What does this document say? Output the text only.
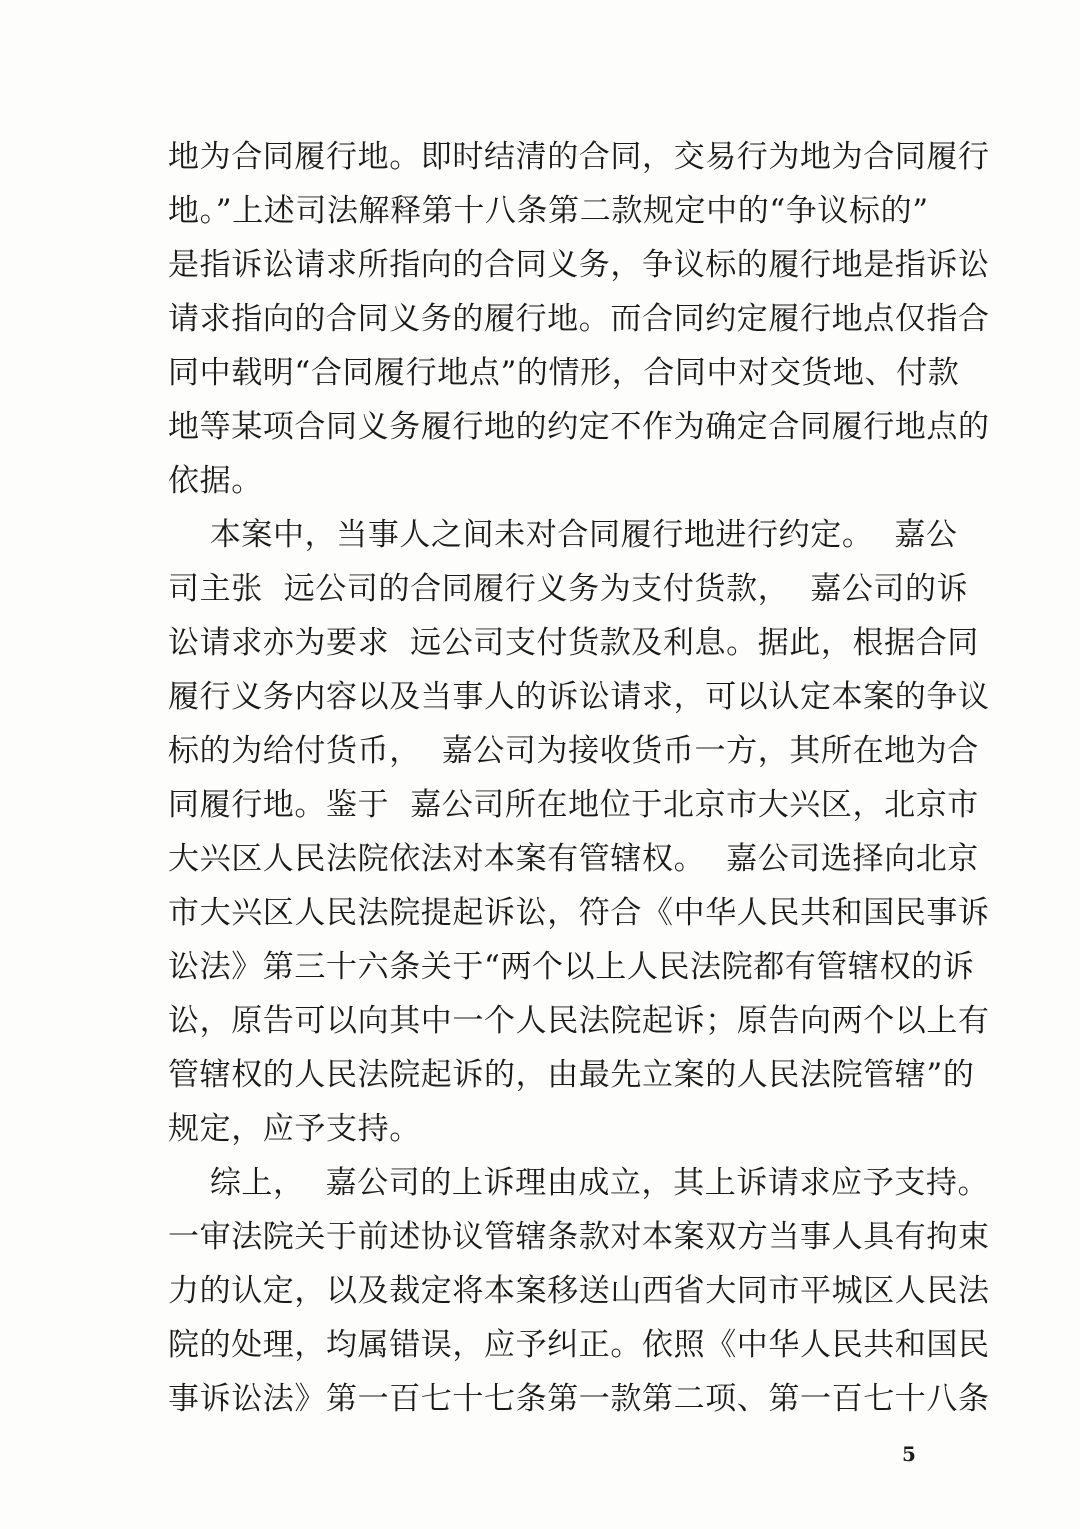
地为合同履行地。即时结清的合同，交易行为地为合同履行
地。”上述司法解释第十八条第二款规定中的“争议标的”
是指诉讼请求所指向的合同义务，争议标的履行地是指诉讼
请求指向的合同义务的履行地。而合同约定履行地点仅指合
同中载明“合同履行地点”的情形，合同中对交货地、付款
地等某项合同义务履行地的约定不作为确定合同履行地点的
依据。
本案中，当事人之间未对合同履行地进行约定。  嘉公
司主张  远公司的合同履行义务为支付货款，  嘉公司的诉
讼请求亦为要求  远公司支付货款及利息。据此，根据合同
履行义务内容以及当事人的诉讼请求，可以认定本案的争议
标的为给付货币，  嘉公司为接收货币一方，其所在地为合
同履行地。鉴于  嘉公司所在地位于北京市大兴区，北京市
大兴区人民法院依法对本案有管辖权。  嘉公司选择向北京
市大兴区人民法院提起诉讼，符合《中华人民共和国民事诉
讼法》第三十六条关于“两个以上人民法院都有管辖权的诉
讼，原告可以向其中一个人民法院起诉；原告向两个以上有
管辖权的人民法院起诉的，由最先立案的人民法院管辖”的
规定，应予支持。
综上，  嘉公司的上诉理由成立，其上诉请求应予支持。
一审法院关于前述协议管辖条款对本案双方当事人具有拘束
力的认定，以及裁定将本案移送山西省大同市平城区人民法
院的处理，均属错误，应予纠正。依照《中华人民共和国民
事诉讼法》第一百七十七条第一款第二项、第一百七十八条
5
